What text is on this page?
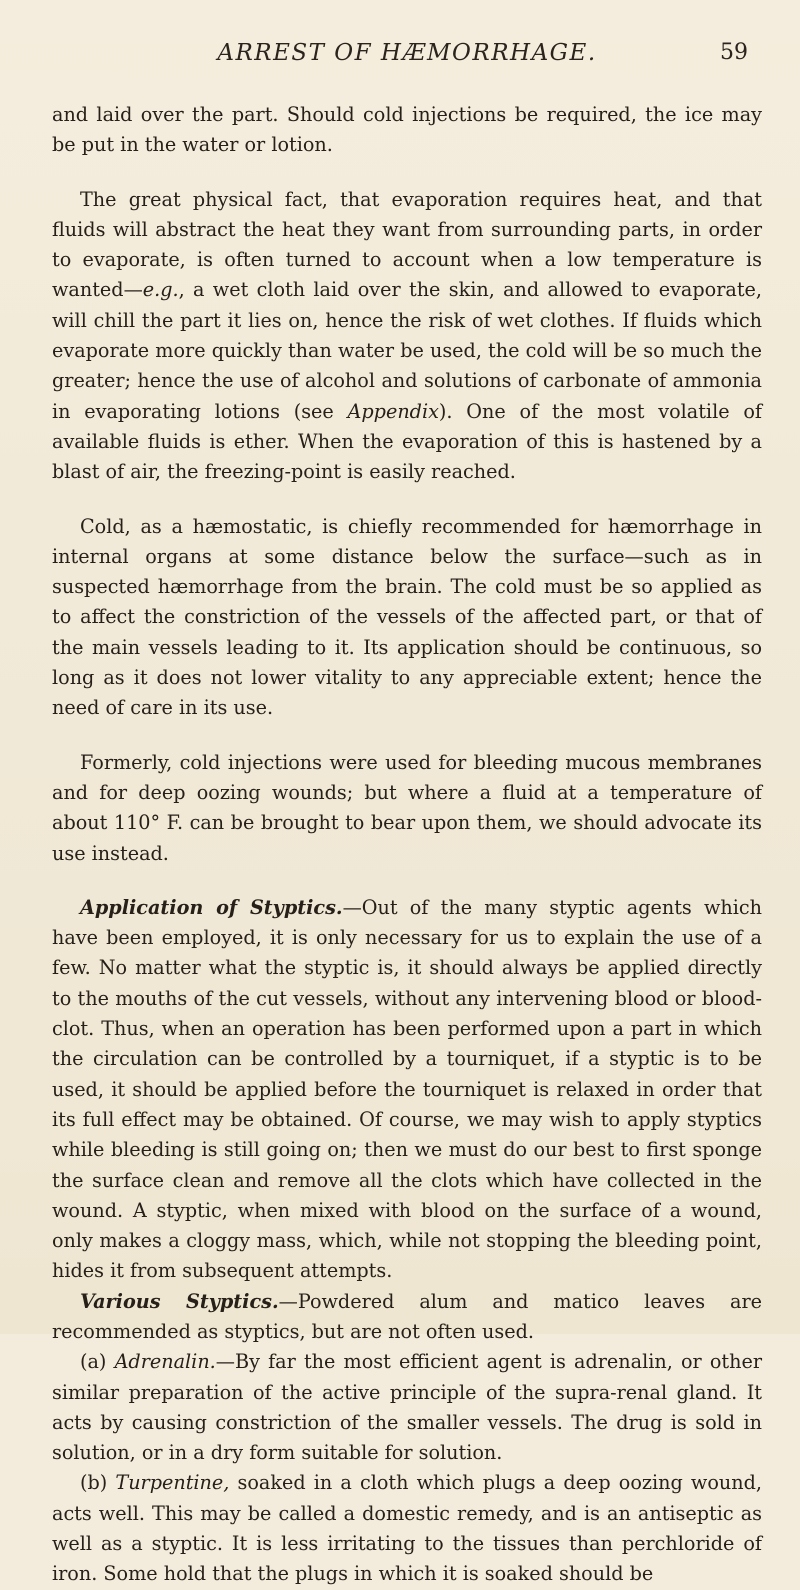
ARREST OF HÆMORRHAGE.	59

and laid over the part. Should cold injections be required, the ice may be put in the water or lotion.

The great physical fact, that evaporation requires heat, and that fluids will abstract the heat they want from surrounding parts, in order to evaporate, is often turned to account when a low temperature is wanted—e.g., a wet cloth laid over the skin, and allowed to evaporate, will chill the part it lies on, hence the risk of wet clothes. If fluids which evaporate more quickly than water be used, the cold will be so much the greater; hence the use of alcohol and solutions of carbonate of ammonia in evaporating lotions (see Appendix). One of the most volatile of available fluids is ether. When the evaporation of this is hastened by a blast of air, the freezing-point is easily reached.

Cold, as a hæmostatic, is chiefly recommended for hæmorrhage in internal organs at some distance below the surface—such as in suspected hæmorrhage from the brain. The cold must be so applied as to affect the constriction of the vessels of the affected part, or that of the main vessels leading to it. Its application should be continuous, so long as it does not lower vitality to any appreciable extent; hence the need of care in its use.

Formerly, cold injections were used for bleeding mucous membranes and for deep oozing wounds; but where a fluid at a temperature of about 110° F. can be brought to bear upon them, we should advocate its use instead.

Application of Styptics.—Out of the many styptic agents which have been employed, it is only necessary for us to explain the use of a few. No matter what the styptic is, it should always be applied directly to the mouths of the cut vessels, without any intervening blood or blood-clot. Thus, when an operation has been performed upon a part in which the circulation can be controlled by a tourniquet, if a styptic is to be used, it should be applied before the tourniquet is relaxed in order that its full effect may be obtained. Of course, we may wish to apply styptics while bleeding is still going on; then we must do our best to first sponge the surface clean and remove all the clots which have collected in the wound. A styptic, when mixed with blood on the surface of a wound, only makes a cloggy mass, which, while not stopping the bleeding point, hides it from subsequent attempts.

Various Styptics.—Powdered alum and matico leaves are recommended as styptics, but are not often used.

(a) Adrenalin.—By far the most efficient agent is adrenalin, or other similar preparation of the active principle of the supra-renal gland. It acts by causing constriction of the smaller vessels. The drug is sold in solution, or in a dry form suitable for solution.

(b) Turpentine, soaked in a cloth which plugs a deep oozing wound, acts well. This may be called a domestic remedy, and is an antiseptic as well as a styptic. It is less irritating to the tissues than perchloride of iron. Some hold that the plugs in which it is soaked should be
